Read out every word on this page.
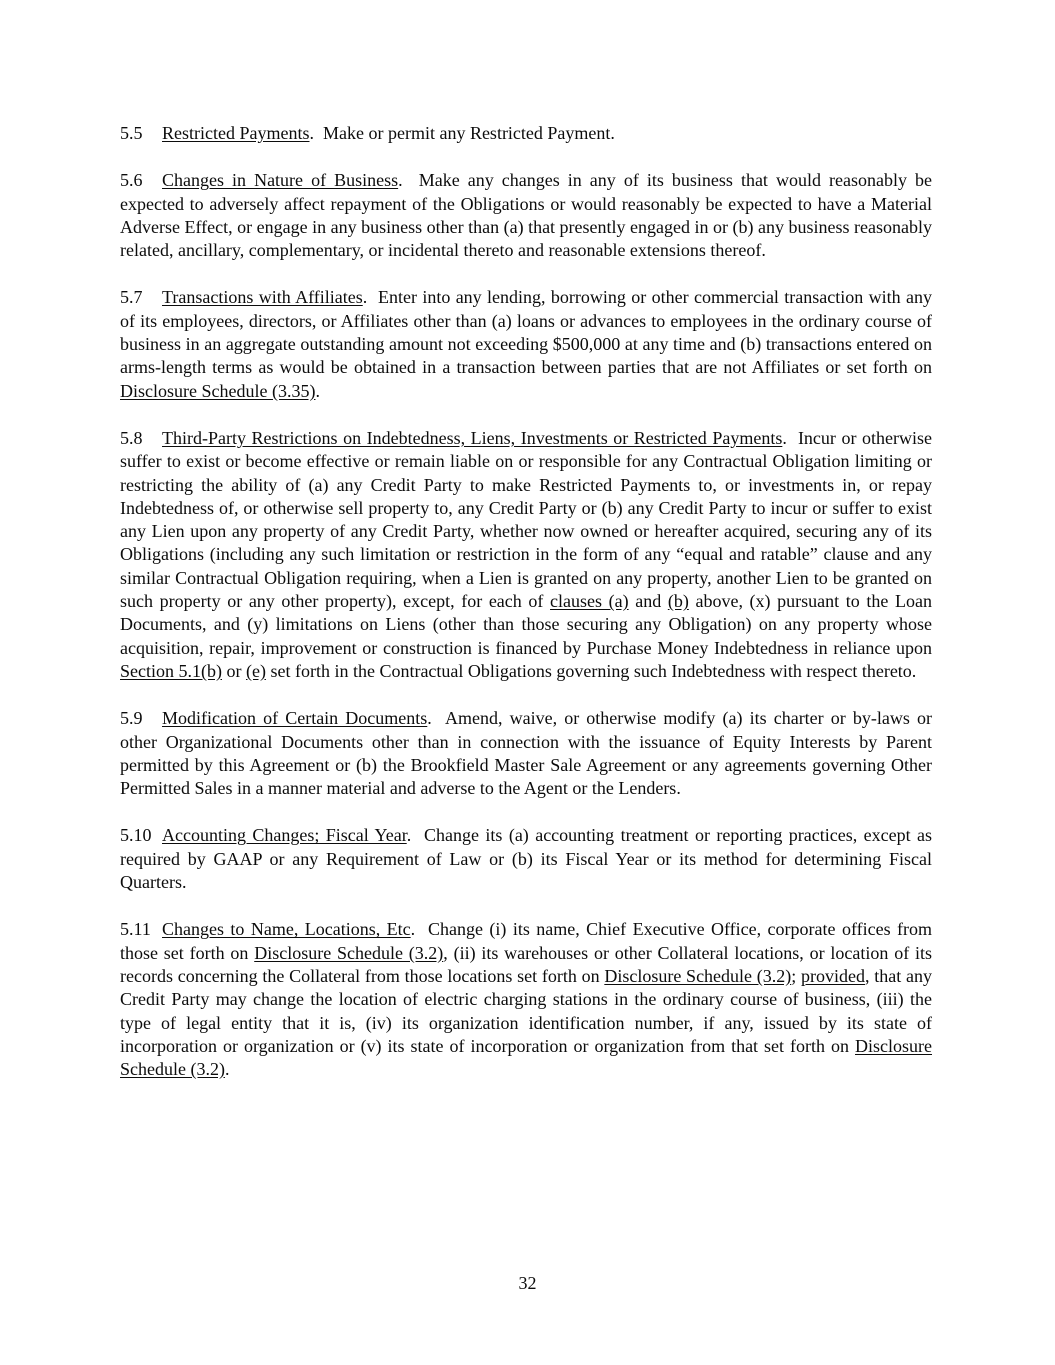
5.5 Restricted Payments.  Make or permit any Restricted Payment.

5.6 Changes in Nature of Business.  Make any changes in any of its business that would reasonably be expected to adversely affect repayment of the Obligations or would reasonably be expected to have a Material Adverse Effect, or engage in any business other than (a) that presently engaged in or (b) any business reasonably related, ancillary, complementary, or incidental thereto and reasonable extensions thereof.

5.7 Transactions with Affiliates.  Enter into any lending, borrowing or other commercial transaction with any of its employees, directors, or Affiliates other than (a) loans or advances to employees in the ordinary course of business in an aggregate outstanding amount not exceeding $500,000 at any time and (b) transactions entered on arms-length terms as would be obtained in a transaction between parties that are not Affiliates or set forth on Disclosure Schedule (3.35).

5.8 Third-Party Restrictions on Indebtedness, Liens, Investments or Restricted Payments.  Incur or otherwise suffer to exist or become effective or remain liable on or responsible for any Contractual Obligation limiting or restricting the ability of (a) any Credit Party to make Restricted Payments to, or investments in, or repay Indebtedness of, or otherwise sell property to, any Credit Party or (b) any Credit Party to incur or suffer to exist any Lien upon any property of any Credit Party, whether now owned or hereafter acquired, securing any of its Obligations (including any such limitation or restriction in the form of any “equal and ratable” clause and any similar Contractual Obligation requiring, when a Lien is granted on any property, another Lien to be granted on such property or any other property), except, for each of clauses (a) and (b) above, (x) pursuant to the Loan Documents, and (y) limitations on Liens (other than those securing any Obligation) on any property whose acquisition, repair, improvement or construction is financed by Purchase Money Indebtedness in reliance upon Section 5.1(b) or (e) set forth in the Contractual Obligations governing such Indebtedness with respect thereto.

5.9 Modification of Certain Documents.  Amend, waive, or otherwise modify (a) its charter or by-laws or other Organizational Documents other than in connection with the issuance of Equity Interests by Parent permitted by this Agreement or (b) the Brookfield Master Sale Agreement or any agreements governing Other Permitted Sales in a manner material and adverse to the Agent or the Lenders.

5.10 Accounting Changes; Fiscal Year.  Change its (a) accounting treatment or reporting practices, except as required by GAAP or any Requirement of Law or (b) its Fiscal Year or its method for determining Fiscal Quarters.

5.11 Changes to Name, Locations, Etc.  Change (i) its name, Chief Executive Office, corporate offices from those set forth on Disclosure Schedule (3.2), (ii) its warehouses or other Collateral locations, or location of its records concerning the Collateral from those locations set forth on Disclosure Schedule (3.2); provided, that any Credit Party may change the location of electric charging stations in the ordinary course of business, (iii) the type of legal entity that it is, (iv) its organization identification number, if any, issued by its state of incorporation or organization or (v) its state of incorporation or organization from that set forth on Disclosure Schedule (3.2).

32
